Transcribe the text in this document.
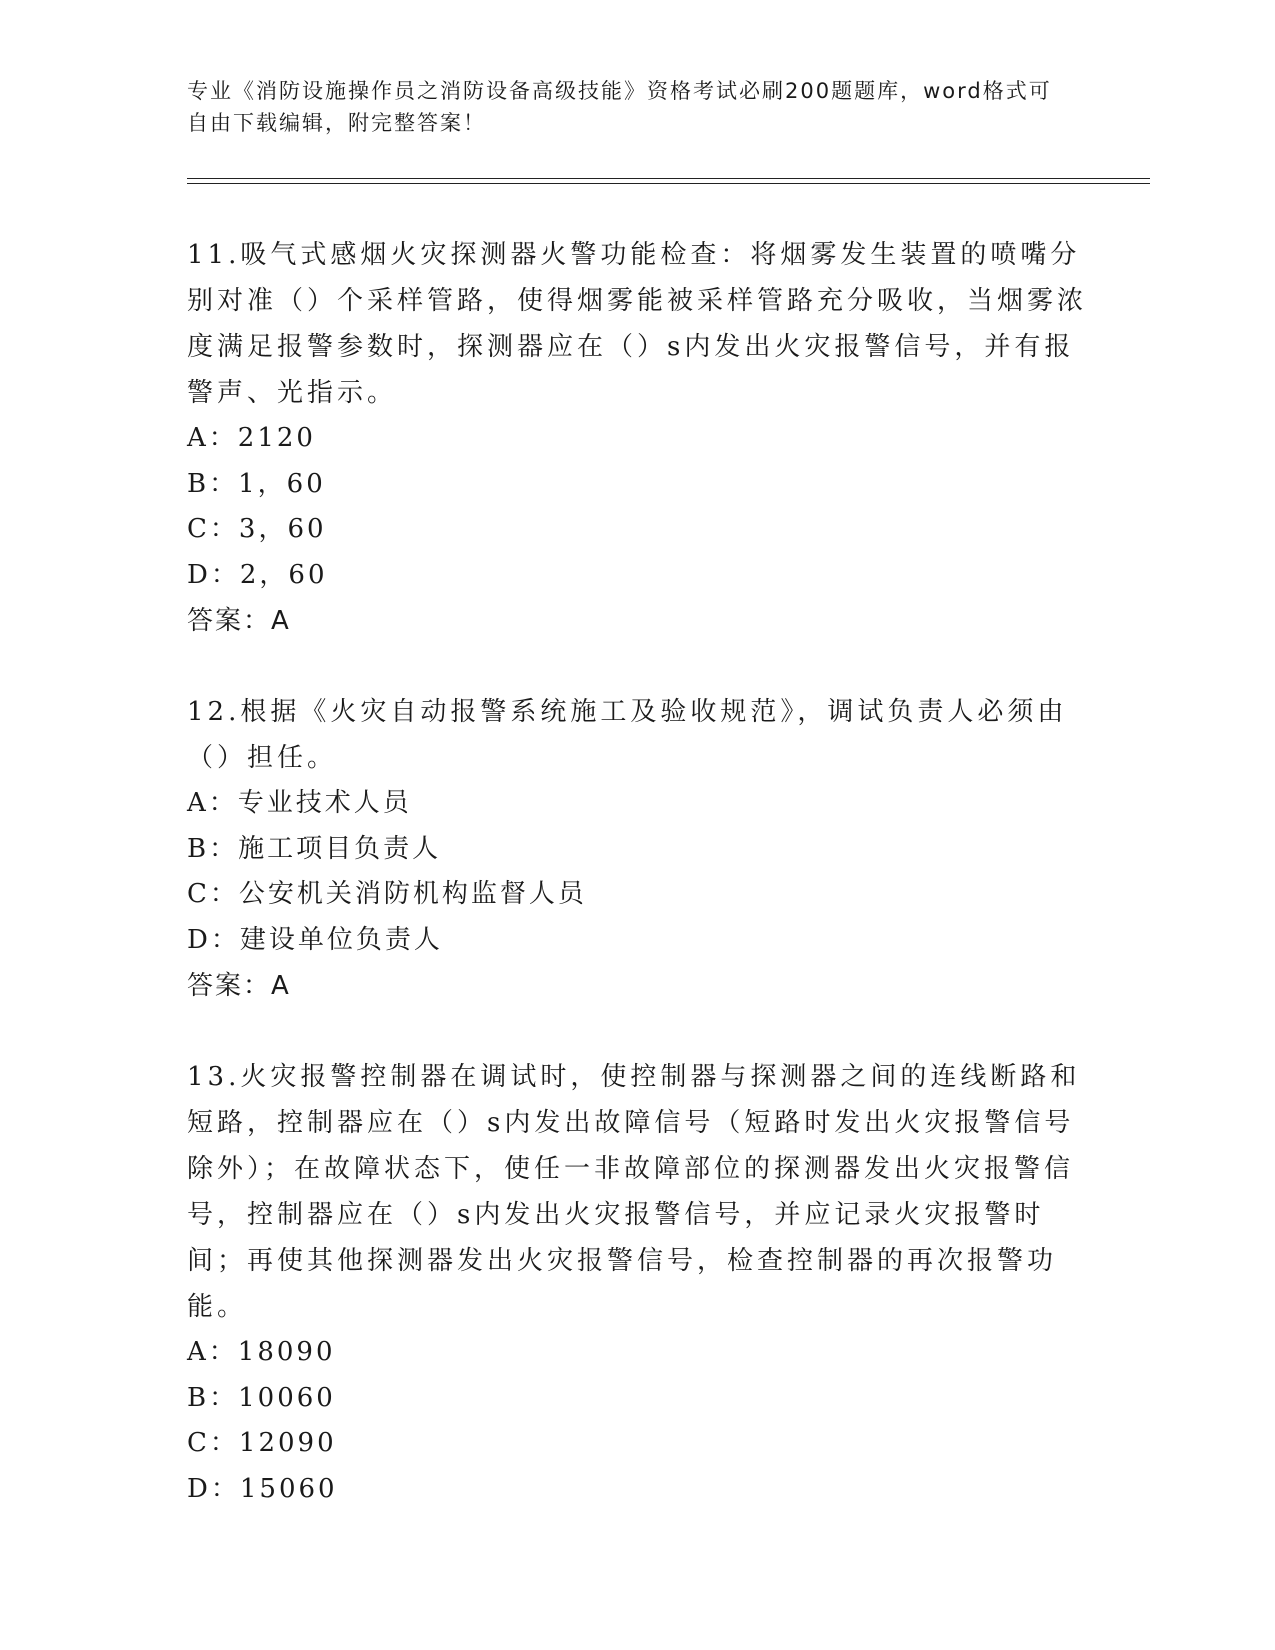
专业《消防设施操作员之消防设备高级技能》资格考试必刷200题题库，word格式可自由下载编辑，附完整答案！

11.吸气式感烟火灾探测器火警功能检查：将烟雾发生装置的喷嘴分别对准（）个采样管路，使得烟雾能被采样管路充分吸收，当烟雾浓度满足报警参数时，探测器应在（）s内发出火灾报警信号，并有报警声、光指示。

A：2120

B：1，60

C：3，60

D：2，60

答案：A

12.根据《火灾自动报警系统施工及验收规范》，调试负责人必须由（）担任。

A：专业技术人员

B：施工项目负责人

C：公安机关消防机构监督人员

D：建设单位负责人

答案：A

13.火灾报警控制器在调试时，使控制器与探测器之间的连线断路和短路，控制器应在（）s内发出故障信号（短路时发出火灾报警信号除外）；在故障状态下，使任一非故障部位的探测器发出火灾报警信号，控制器应在（）s内发出火灾报警信号，并应记录火灾报警时间；再使其他探测器发出火灾报警信号，检查控制器的再次报警功能。

A：18090

B：10060

C：12090

D：15060
